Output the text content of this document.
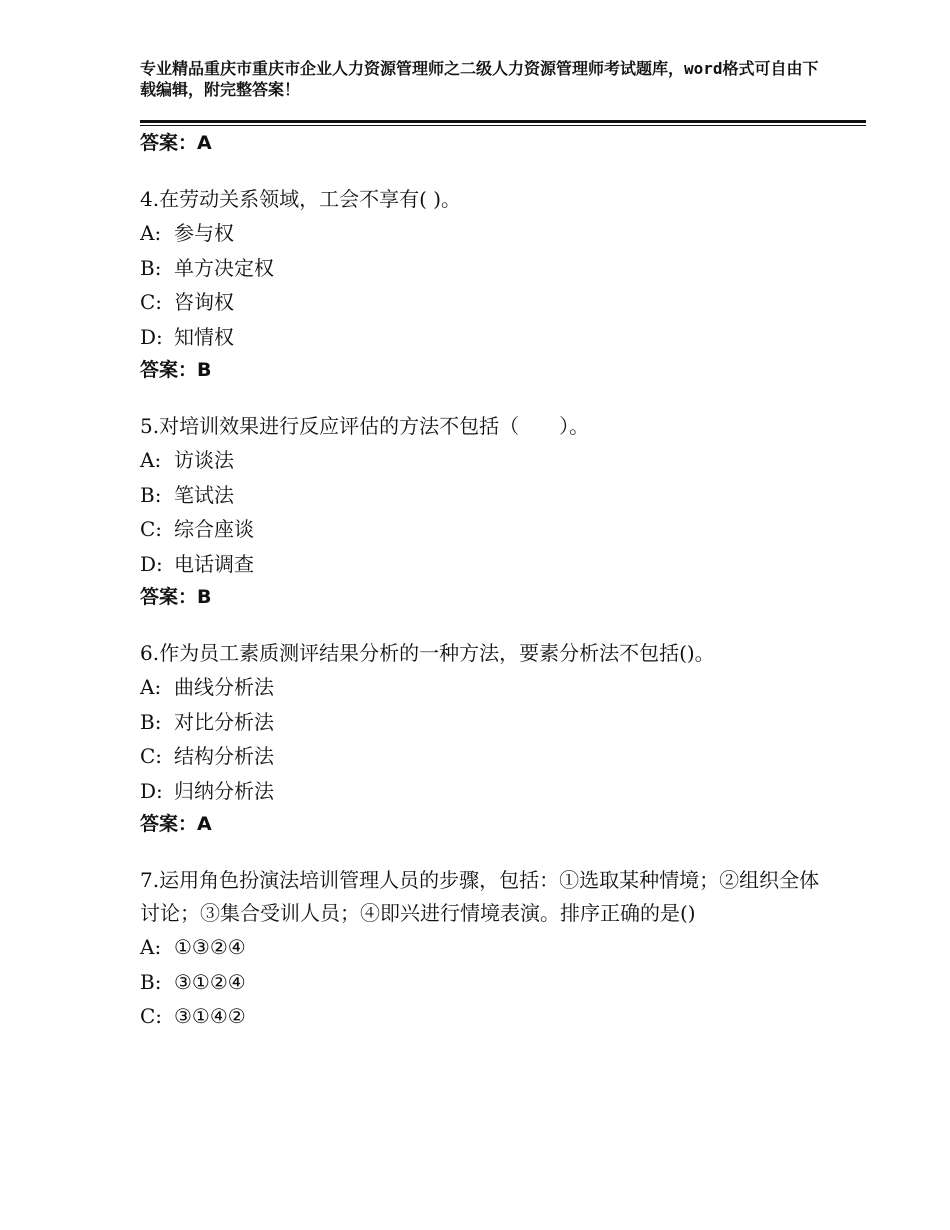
专业精品重庆市重庆市企业人力资源管理师之二级人力资源管理师考试题库，word格式可自由下载编辑，附完整答案！
答案：A
4.在劳动关系领域，工会不享有( )。
A: 参与权
B: 单方决定权
C: 咨询权
D: 知情权
答案：B
5.对培训效果进行反应评估的方法不包括（　　）。
A: 访谈法
B: 笔试法
C: 综合座谈
D: 电话调查
答案：B
6.作为员工素质测评结果分析的一种方法，要素分析法不包括()。
A: 曲线分析法
B: 对比分析法
C: 结构分析法
D: 归纳分析法
答案：A
7.运用角色扮演法培训管理人员的步骤，包括：①选取某种情境；②组织全体讨论；③集合受训人员；④即兴进行情境表演。排序正确的是()
A: ①③②④
B: ③①②④
C: ③①④②
